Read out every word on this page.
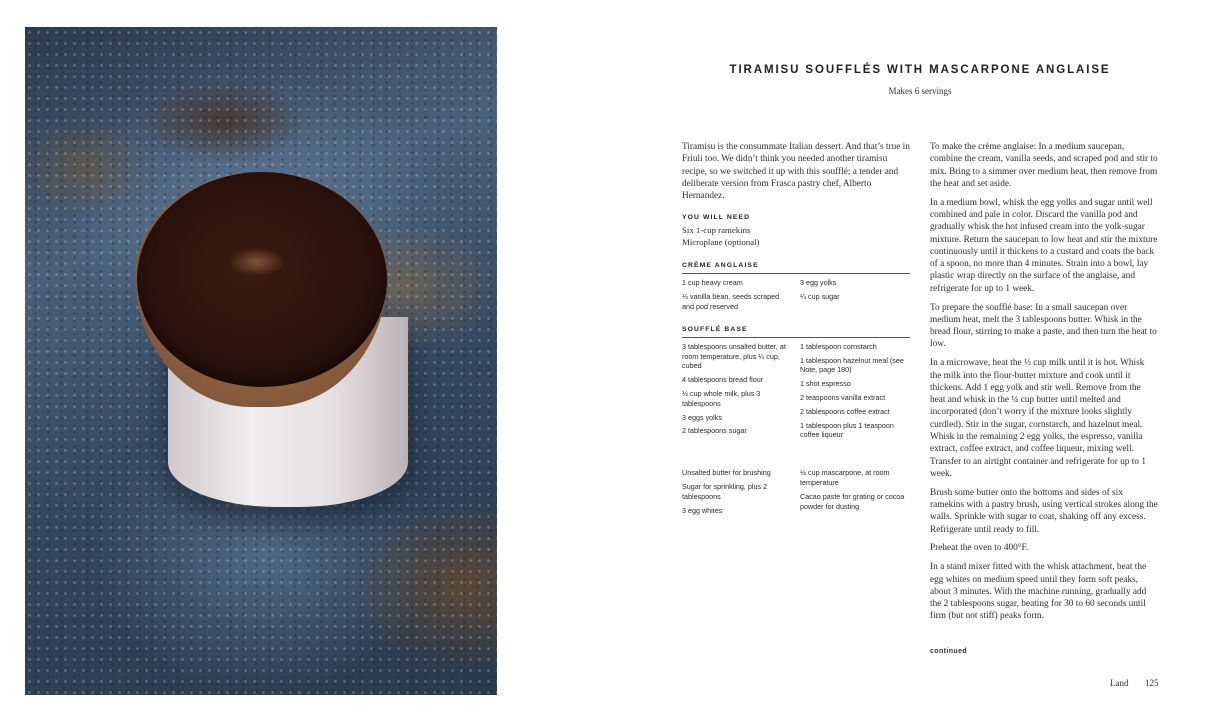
TIRAMISU SOUFFLÉS WITH MASCARPONE ANGLAISE
Makes 6 servings

Tiramisu is the consummate Italian dessert. And that’s true in Friuli too. We didn’t think you needed another tiramisu recipe, so we switched it up with this soufflé; a tender and deliberate version from Frasca pastry chef, Alberto Hernandez.

YOU WILL NEED
Six 1-cup ramekins
Microplane (optional)
CRÈME ANGLAISE
1 cup heavy cream
½ vanilla bean, seeds scraped and pod reserved
3 egg yolks
¼ cup sugar
SOUFFLÉ BASE
3 tablespoons unsalted butter, at room temperature, plus ¼ cup, cubed
4 tablespoons bread flour
½ cup whole milk, plus 3 tablespoons
3 eggs yolks
2 tablespoons sugar
1 tablespoon cornstarch
1 tablespoon hazelnut meal (see Note, page 180)
1 shot espresso
2 teaspoons vanilla extract
2 tablespoons coffee extract
1 tablespoon plus 1 teaspoon coffee liqueur
Unsalted butter for brushing
Sugar for sprinkling, plus 2 tablespoons
3 egg whites
½ cup mascarpone, at room temperature
Cacao paste for grating or cocoa powder for dusting

To make the crème anglaise: In a medium saucepan, combine the cream, vanilla seeds, and scraped pod and stir to mix. Bring to a simmer over medium heat, then remove from the heat and set aside.

In a medium bowl, whisk the egg yolks and sugar until well combined and pale in color. Discard the vanilla pod and gradually whisk the hot infused cream into the yolk-sugar mixture. Return the saucepan to low heat and stir the mixture continuously until it thickens to a custard and coats the back of a spoon, no more than 4 minutes. Strain into a bowl, lay plastic wrap directly on the surface of the anglaise, and refrigerate for up to 1 week.

To prepare the soufflé base: In a small saucepan over medium heat, melt the 3 tablespoons butter. Whisk in the bread flour, stirring to make a paste, and then turn the heat to low.

In a microwave, heat the ½ cup milk until it is hot. Whisk the milk into the flour-butter mixture and cook until it thickens. Add 1 egg yolk and stir well. Remove from the heat and whisk in the ¼ cup butter until melted and incorporated (don’t worry if the mixture looks slightly curdled). Stir in the sugar, cornstarch, and hazelnut meal. Whisk in the remaining 2 egg yolks, the espresso, vanilla extract, coffee extract, and coffee liqueur, mixing well. Transfer to an airtight container and refrigerate for up to 1 week.

Brush some butter onto the bottoms and sides of six ramekins with a pastry brush, using vertical strokes along the walls. Sprinkle with sugar to coat, shaking off any excess. Refrigerate until ready to fill.

Preheat the oven to 400°F.

In a stand mixer fitted with the whisk attachment, beat the egg whites on medium speed until they form soft peaks, about 3 minutes. With the machine running, gradually add the 2 tablespoons sugar, beating for 30 to 60 seconds until firm (but not stiff) peaks form.

continued
Land 125
